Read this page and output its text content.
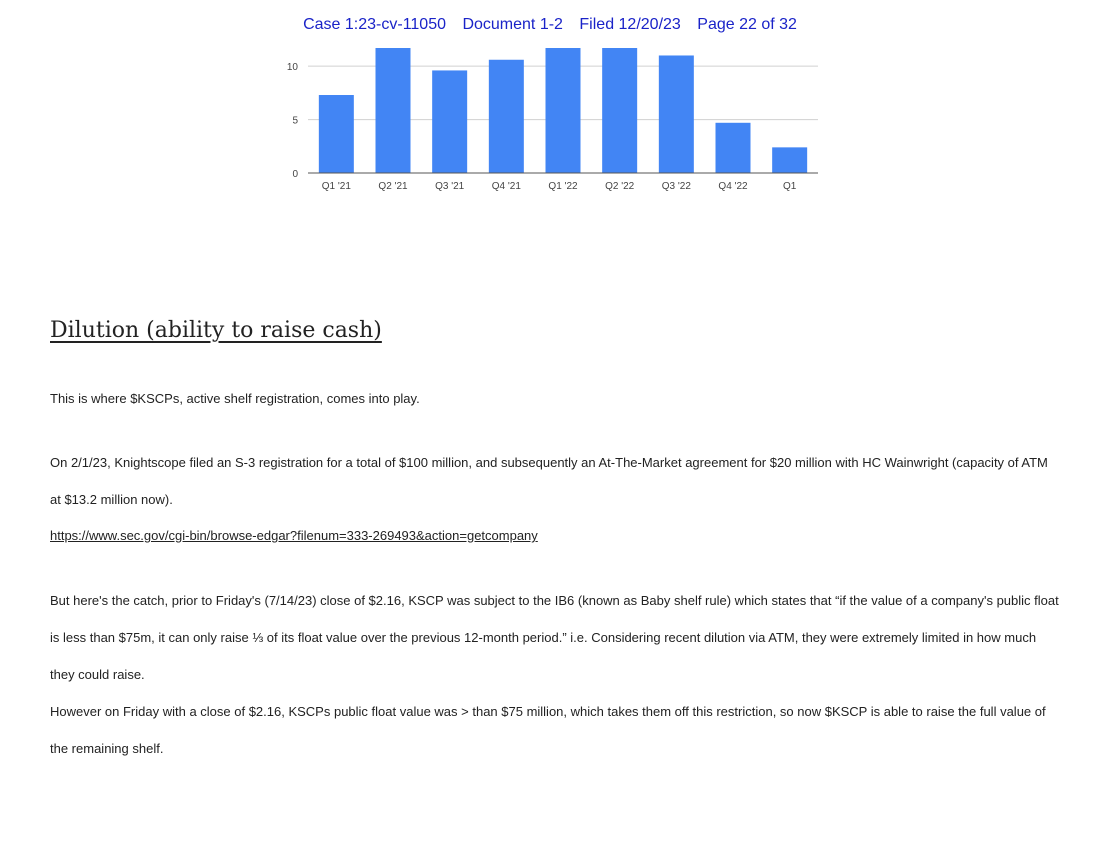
Case 1:23-cv-11050 Document 1-2 Filed 12/20/23 Page 22 of 32
0
5
10
Q1 '21	Q2 '21	Q3 '21	Q4 '21	Q1 '22	Q2 '22	Q3 '22	Q4 '22	Q1
Dilution (ability to raise cash)

This is where $KSCPs, active shelf registration, comes into play.

On 2/1/23, Knightscope filed an S-3 registration for a total of $100 million, and subsequently an At-The-Market agreement for $20 million with HC Wainwright (capacity of ATM at $13.2 million now).

https://www.sec.gov/cgi-bin/browse-edgar?filenum=333-269493&action=getcompany

But here's the catch, prior to Friday's (7/14/23) close of $2.16, KSCP was subject to the IB6 (known as Baby shelf rule) which states that “if the value of a company's public float is less than $75m, it can only raise ⅓ of its float value over the previous 12-month period.” i.e. Considering recent dilution via ATM, they were extremely limited in how much they could raise.

However on Friday with a close of $2.16, KSCPs public float value was > than $75 million, which takes them off this restriction, so now $KSCP is able to raise the full value of the remaining shelf.
